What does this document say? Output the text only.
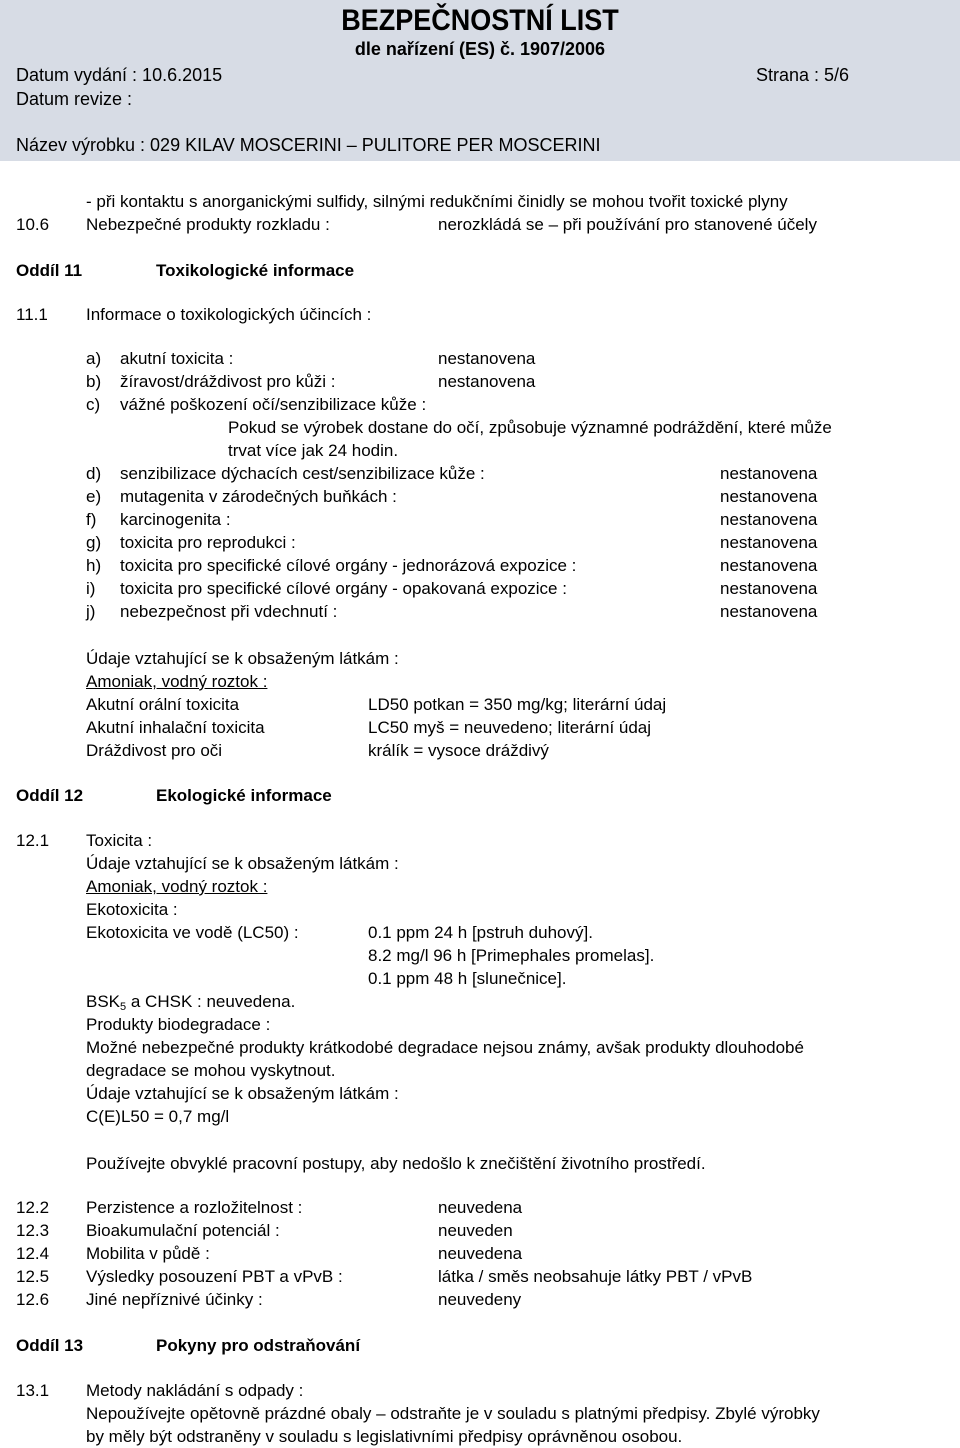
BEZPEČNOSTNÍ LIST
dle nařízení (ES) č. 1907/2006
Datum vydání : 10.6.2015	Strana : 5/6
Datum revize :
Název výrobku : 029 KILAV MOSCERINI – PULITORE PER MOSCERINI
- při kontaktu s anorganickými sulfidy, silnými redukčními činidly se mohou tvořit toxické plyny
10.6 Nebezpečné produkty rozkladu :	nerozkládá se – při používání pro stanovené účely
Oddíl 11	Toxikologické informace
11.1 Informace o toxikologických účincích :
a) akutní toxicita :	nestanovena
b) žíravost/dráždivost pro kůži :	nestanovena
c) vážné poškození očí/senzibilizace kůže :
Pokud se výrobek dostane do očí, způsobuje významné podráždění, které může
trvat více jak 24 hodin.
d) senzibilizace dýchacích cest/senzibilizace kůže :	nestanovena
e) mutagenita v zárodečných buňkách :	nestanovena
f) karcinogenita :	nestanovena
g) toxicita pro reprodukci :	nestanovena
h) toxicita pro specifické cílové orgány - jednorázová expozice :	nestanovena
i) toxicita pro specifické cílové orgány - opakovaná expozice :	nestanovena
j) nebezpečnost při vdechnutí :	nestanovena
Údaje vztahující se k obsaženým látkám :
Amoniak, vodný roztok :
Akutní orální toxicita	LD50 potkan = 350 mg/kg; literární údaj
Akutní inhalační toxicita	LC50 myš = neuvedeno; literární údaj
Dráždivost pro oči	králík = vysoce dráždivý
Oddíl 12	Ekologické informace
12.1 Toxicita :
Údaje vztahující se k obsaženým látkám :
Amoniak, vodný roztok :
Ekotoxicita :
Ekotoxicita ve vodě (LC50) :	0.1 ppm 24 h [pstruh duhový].
8.2 mg/l 96 h [Primephales promelas].
0.1 ppm 48 h [slunečnice].
$BSK_5$ a CHSK : neuvedena.
Produkty biodegradace :
Možné nebezpečné produkty krátkodobé degradace nejsou známy, avšak produkty dlouhodobé
degradace se mohou vyskytnout.
Údaje vztahující se k obsaženým látkám :
C(E)L50 = 0,7 mg/l
Používejte obvyklé pracovní postupy, aby nedošlo k znečištění životního prostředí.
12.2 Perzistence a rozložitelnost :	neuvedena
12.3 Bioakumulační potenciál :	neuveden
12.4 Mobilita v půdě :	neuvedena
12.5 Výsledky posouzení PBT a vPvB :	látka / směs neobsahuje látky PBT / vPvB
12.6 Jiné nepříznivé účinky :	neuvedeny
Oddíl 13	Pokyny pro odstraňování
13.1 Metody nakládání s odpady :
Nepoužívejte opětovně prázdné obaly – odstraňte je v souladu s platnými předpisy. Zbylé výrobky
by měly být odstraněny v souladu s legislativními předpisy oprávněnou osobou.
